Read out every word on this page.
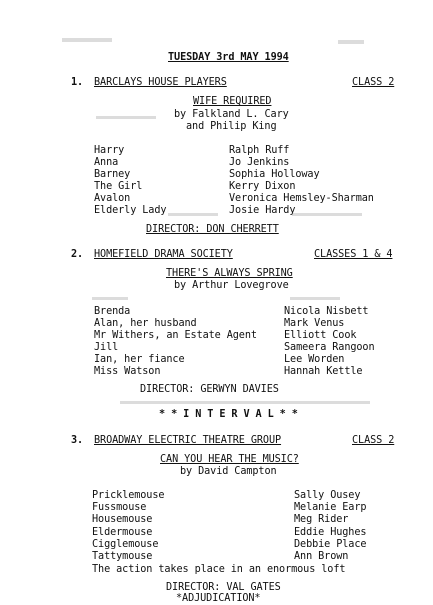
TUESDAY 3rd MAY 1994
1. BARCLAYS HOUSE PLAYERS	CLASS 2
WIFE REQUIRED
by Falkland L. Cary
and Philip King
Harry	Ralph Ruff
Anna	Jo Jenkins
Barney	Sophia Holloway
The Girl	Kerry Dixon
Avalon	Veronica Hemsley-Sharman
Elderly Lady	Josie Hardy
DIRECTOR: DON CHERRETT
2. HOMEFIELD DRAMA SOCIETY	CLASSES 1 & 4
THERE'S ALWAYS SPRING
by Arthur Lovegrove
Brenda	Nicola Nisbett
Alan, her husband	Mark Venus
Mr Withers, an Estate Agent	Elliott Cook
Jill	Sameera Rangoon
Ian, her fiance	Lee Worden
Miss Watson	Hannah Kettle
DIRECTOR: GERWYN DAVIES
* * I N T E R V A L * *
3. BROADWAY ELECTRIC THEATRE GROUP	CLASS 2
CAN YOU HEAR THE MUSIC?
by David Campton
Pricklemouse	Sally Ousey
Fussmouse	Melanie Earp
Housemouse	Meg Rider
Eldermouse	Eddie Hughes
Cigglemouse	Debbie Place
Tattymouse	Ann Brown
The action takes place in an enormous loft
DIRECTOR: VAL GATES
*ADJUDICATION*
